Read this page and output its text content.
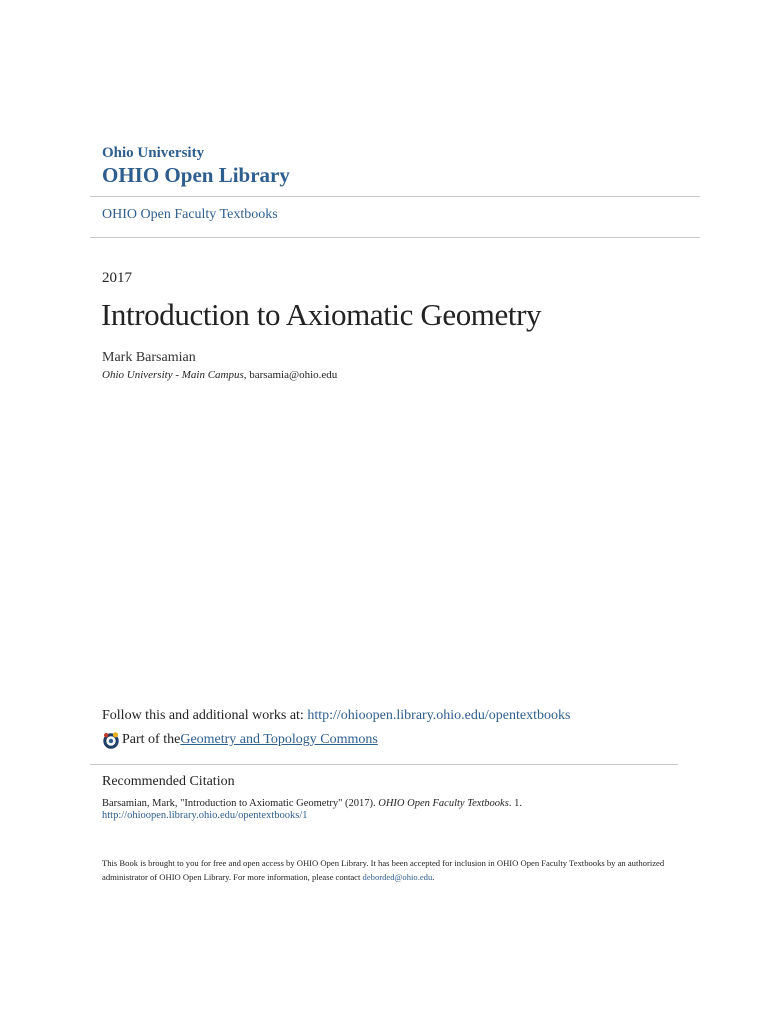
Ohio University
OHIO Open Library
OHIO Open Faculty Textbooks
2017
Introduction to Axiomatic Geometry
Mark Barsamian
Ohio University - Main Campus, barsamia@ohio.edu
Follow this and additional works at: http://ohioopen.library.ohio.edu/opentextbooks
Part of the Geometry and Topology Commons
Recommended Citation
Barsamian, Mark, "Introduction to Axiomatic Geometry" (2017). OHIO Open Faculty Textbooks. 1.
http://ohioopen.library.ohio.edu/opentextbooks/1
This Book is brought to you for free and open access by OHIO Open Library. It has been accepted for inclusion in OHIO Open Faculty Textbooks by an authorized administrator of OHIO Open Library. For more information, please contact deborded@ohio.edu.
